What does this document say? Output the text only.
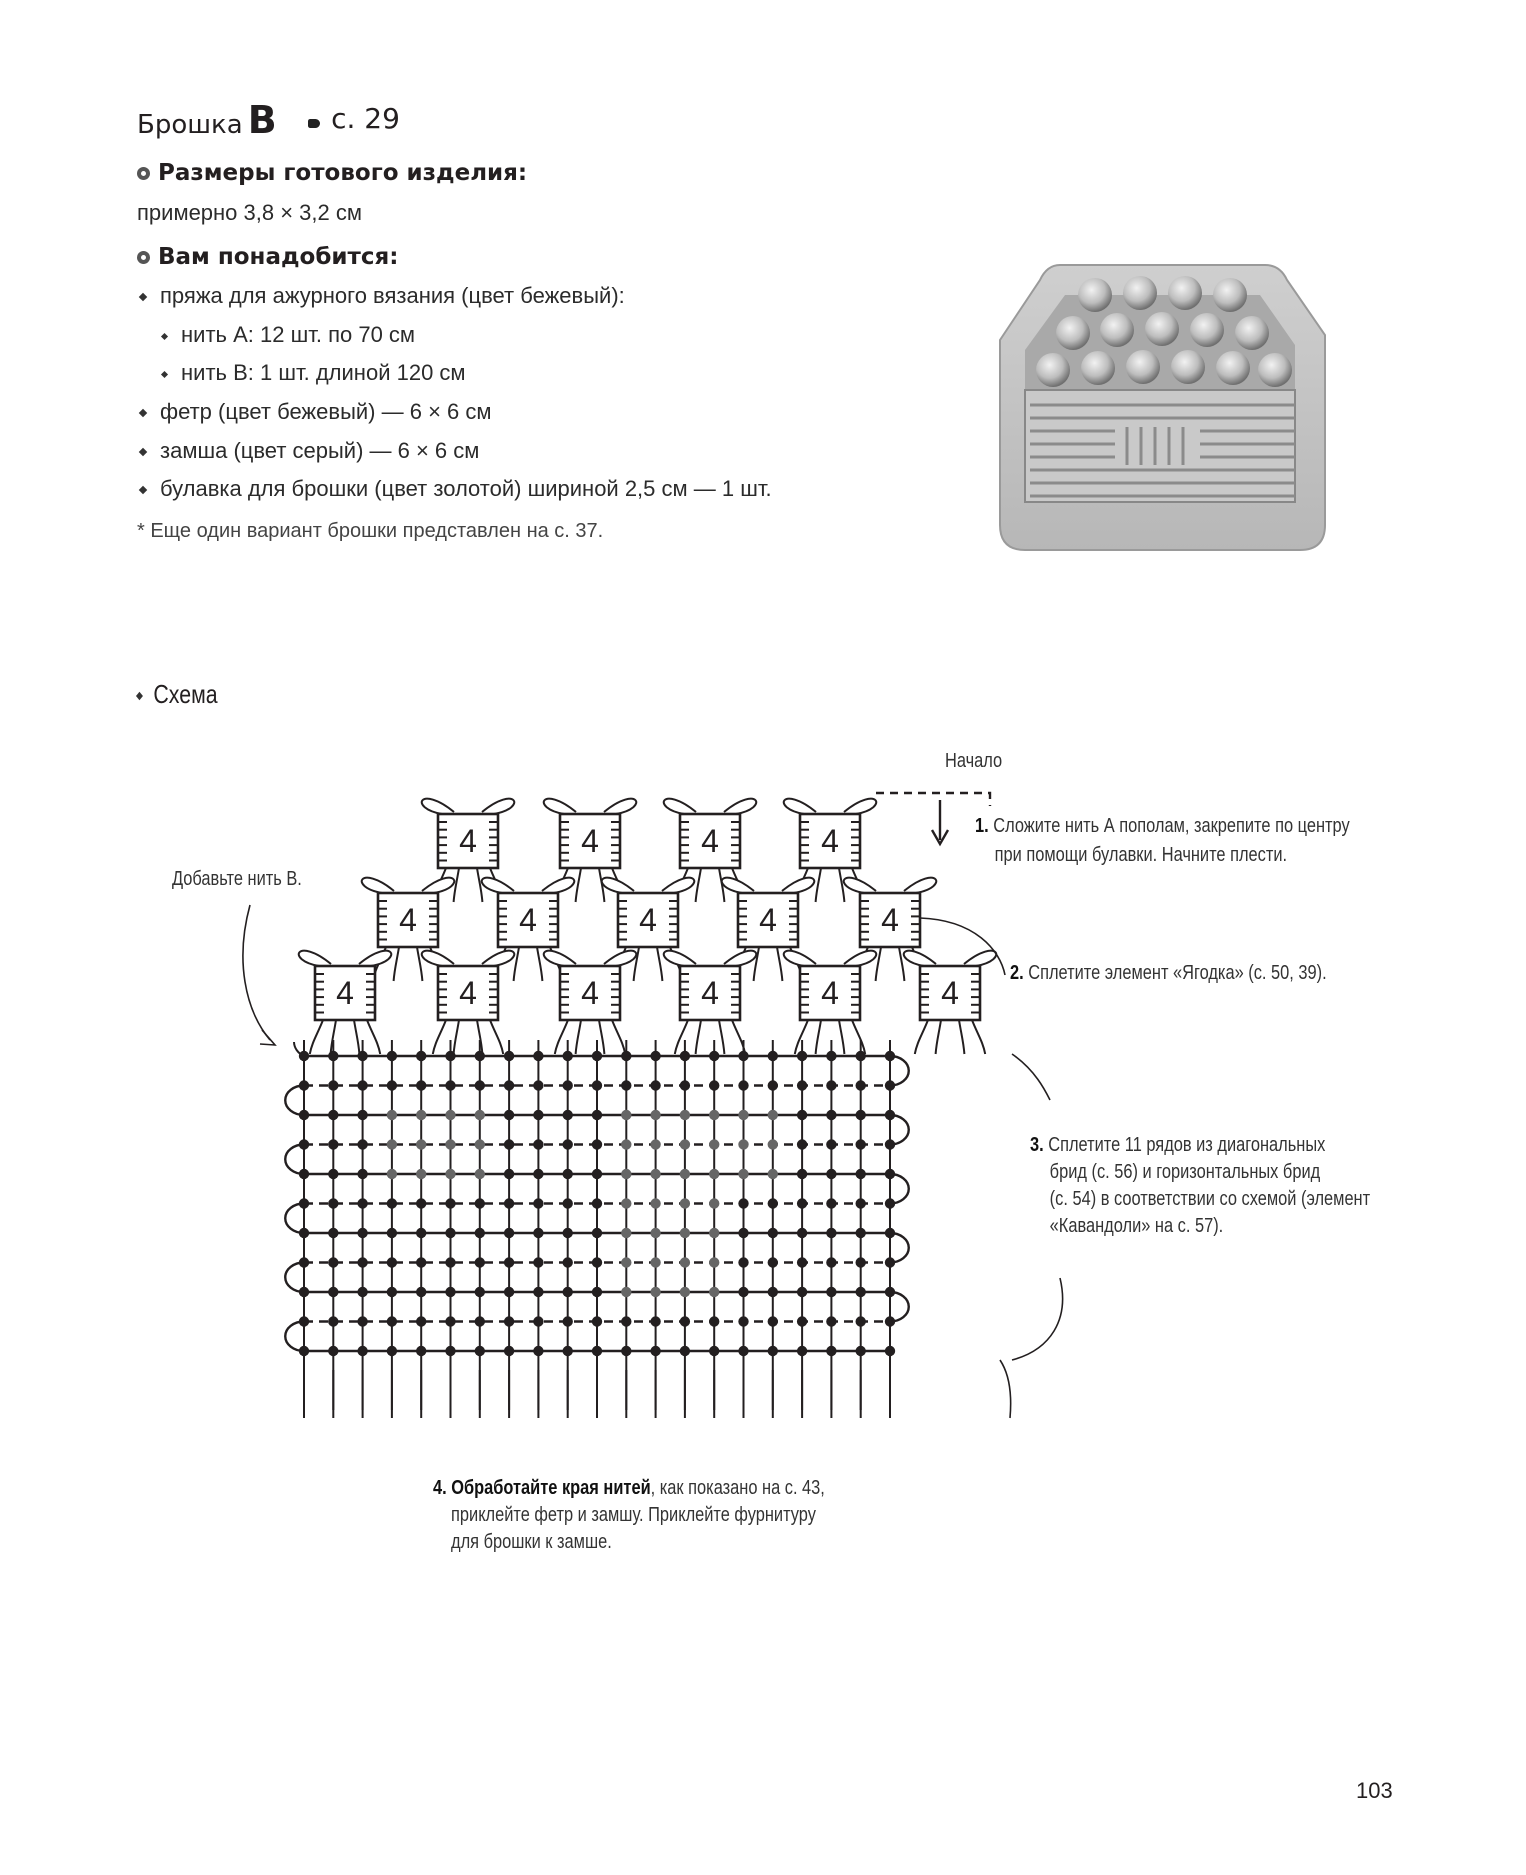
Брошка B	с. 29
Размеры готового изделия:
примерно 3,8 × 3,2 см
Вам понадобится:
пряжа для ажурного вязания (цвет бежевый):
нить А: 12 шт. по 70 см
нить В: 1 шт. длиной 120 см
фетр (цвет бежевый) — 6 × 6 см
замша (цвет серый) — 6 × 6 см
булавка для брошки (цвет золотой) шириной 2,5 см — 1 шт.
* Еще один вариант брошки представлен на с. 37.
Схема
Начало
Добавьте нить В.
1. Сложите нить А пополам, закрепите по центру
при помощи булавки. Начните плести.
2. Сплетите элемент «Ягодка» (с. 50, 39).
3. Сплетите 11 рядов из диагональных
брид (с. 56) и горизонтальных брид
(с. 54) в соответствии со схемой (элемент
«Кавандоли» на с. 57).
4. Обработайте края нитей, как показано на с. 43,
приклейте фетр и замшу. Приклейте фурнитуру
для брошки к замше.
4	4	4	4
4	4	4	4	4
4	4	4	4	4	4
103
